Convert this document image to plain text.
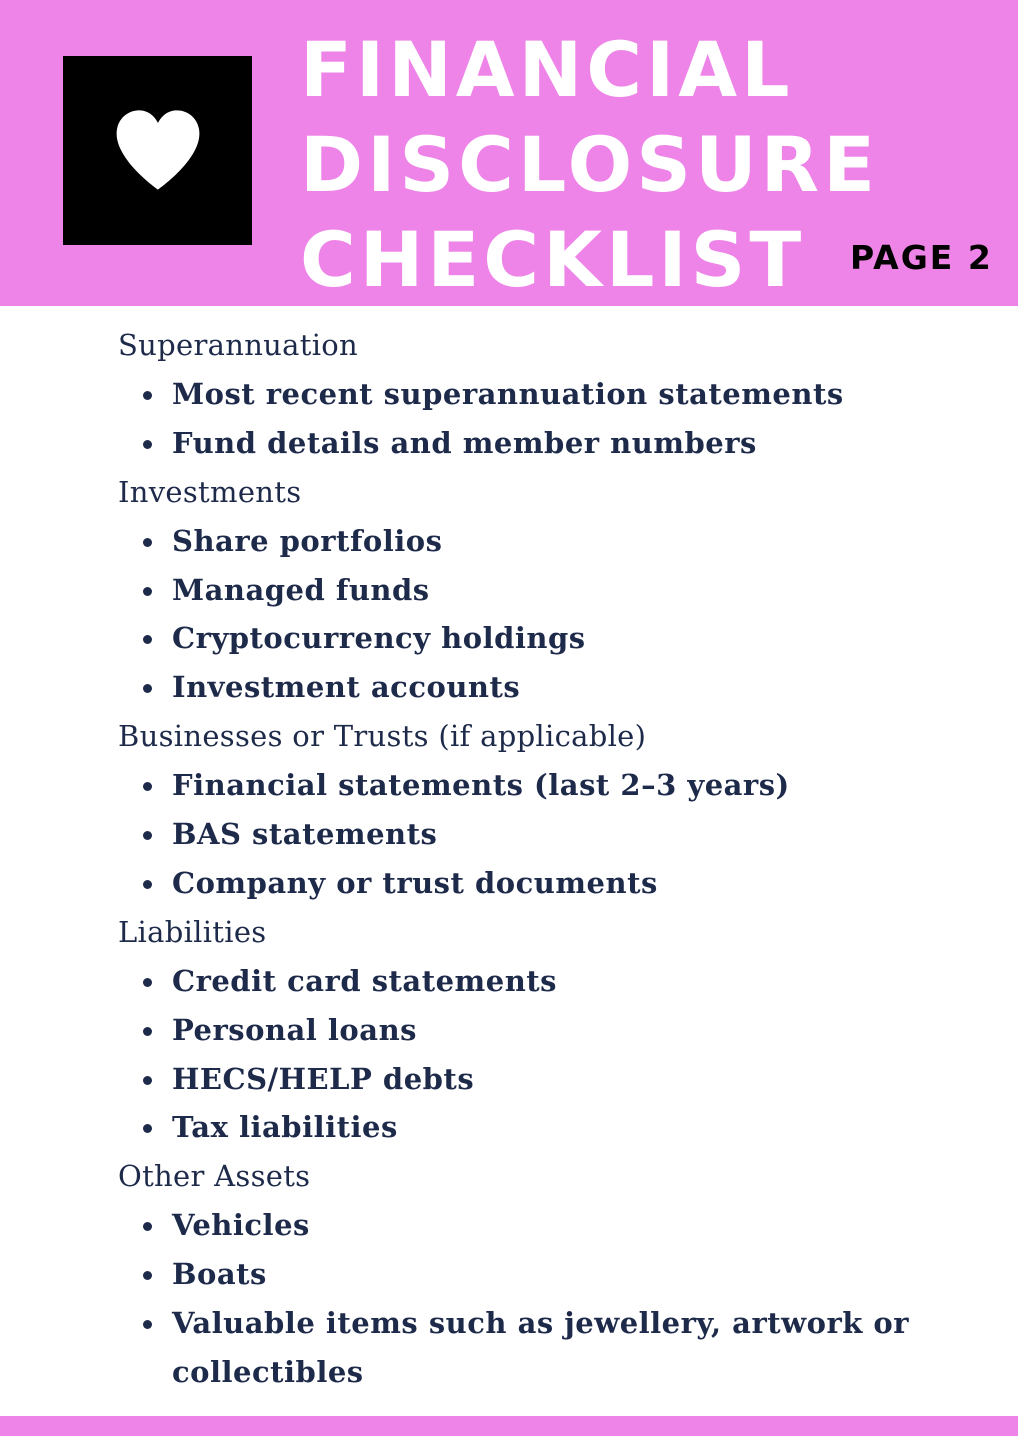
FINANCIAL
DISCLOSURE
CHECKLIST	PAGE 2
Superannuation
Most recent superannuation statements
Fund details and member numbers
Investments
Share portfolios
Managed funds
Cryptocurrency holdings
Investment accounts
Businesses or Trusts (if applicable)
Financial statements (last 2–3 years)
BAS statements
Company or trust documents
Liabilities
Credit card statements
Personal loans
HECS/HELP debts
Tax liabilities
Other Assets
Vehicles
Boats
Valuable items such as jewellery, artwork or collectibles
